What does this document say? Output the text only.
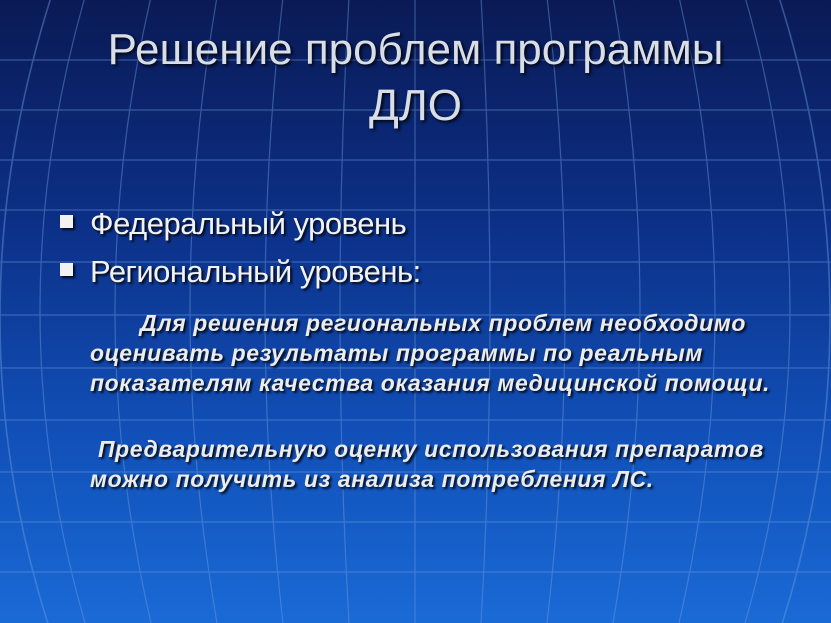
Решение проблем программы
ДЛО
Федеральный уровень
Региональный уровень:

Для решения региональных проблем необходимо оценивать результаты программы по реальным показателям качества оказания медицинской помощи.

Предварительную оценку использования препаратов можно получить из анализа потребления ЛС.
